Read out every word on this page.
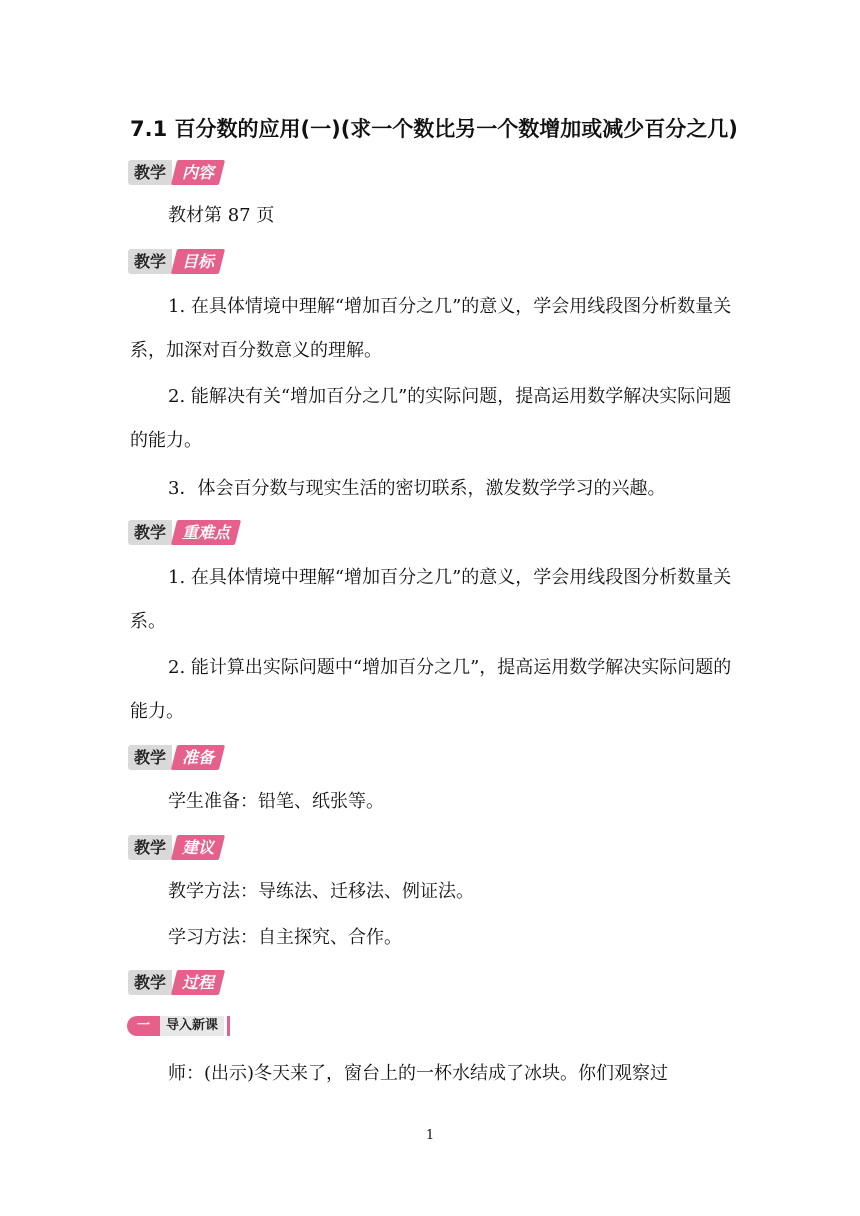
7.1 百分数的应用(一)(求一个数比另一个数增加或减少百分之几)
教学	内容
教材第 87 页
教学	目标
1. 在具体情境中理解“增加百分之几”的意义，学会用线段图分析数量关系，加深对百分数意义的理解。
2. 能解决有关“增加百分之几”的实际问题，提高运用数学解决实际问题的能力。
3．体会百分数与现实生活的密切联系，激发数学学习的兴趣。
教学	重难点
1. 在具体情境中理解“增加百分之几”的意义，学会用线段图分析数量关系。
2. 能计算出实际问题中“增加百分之几”，提高运用数学解决实际问题的能力。
教学	准备
学生准备：铅笔、纸张等。
教学	建议
教学方法：导练法、迁移法、例证法。
学习方法：自主探究、合作。
教学	过程
一	导入新课
师：(出示)冬天来了，窗台上的一杯水结成了冰块。你们观察过
1
